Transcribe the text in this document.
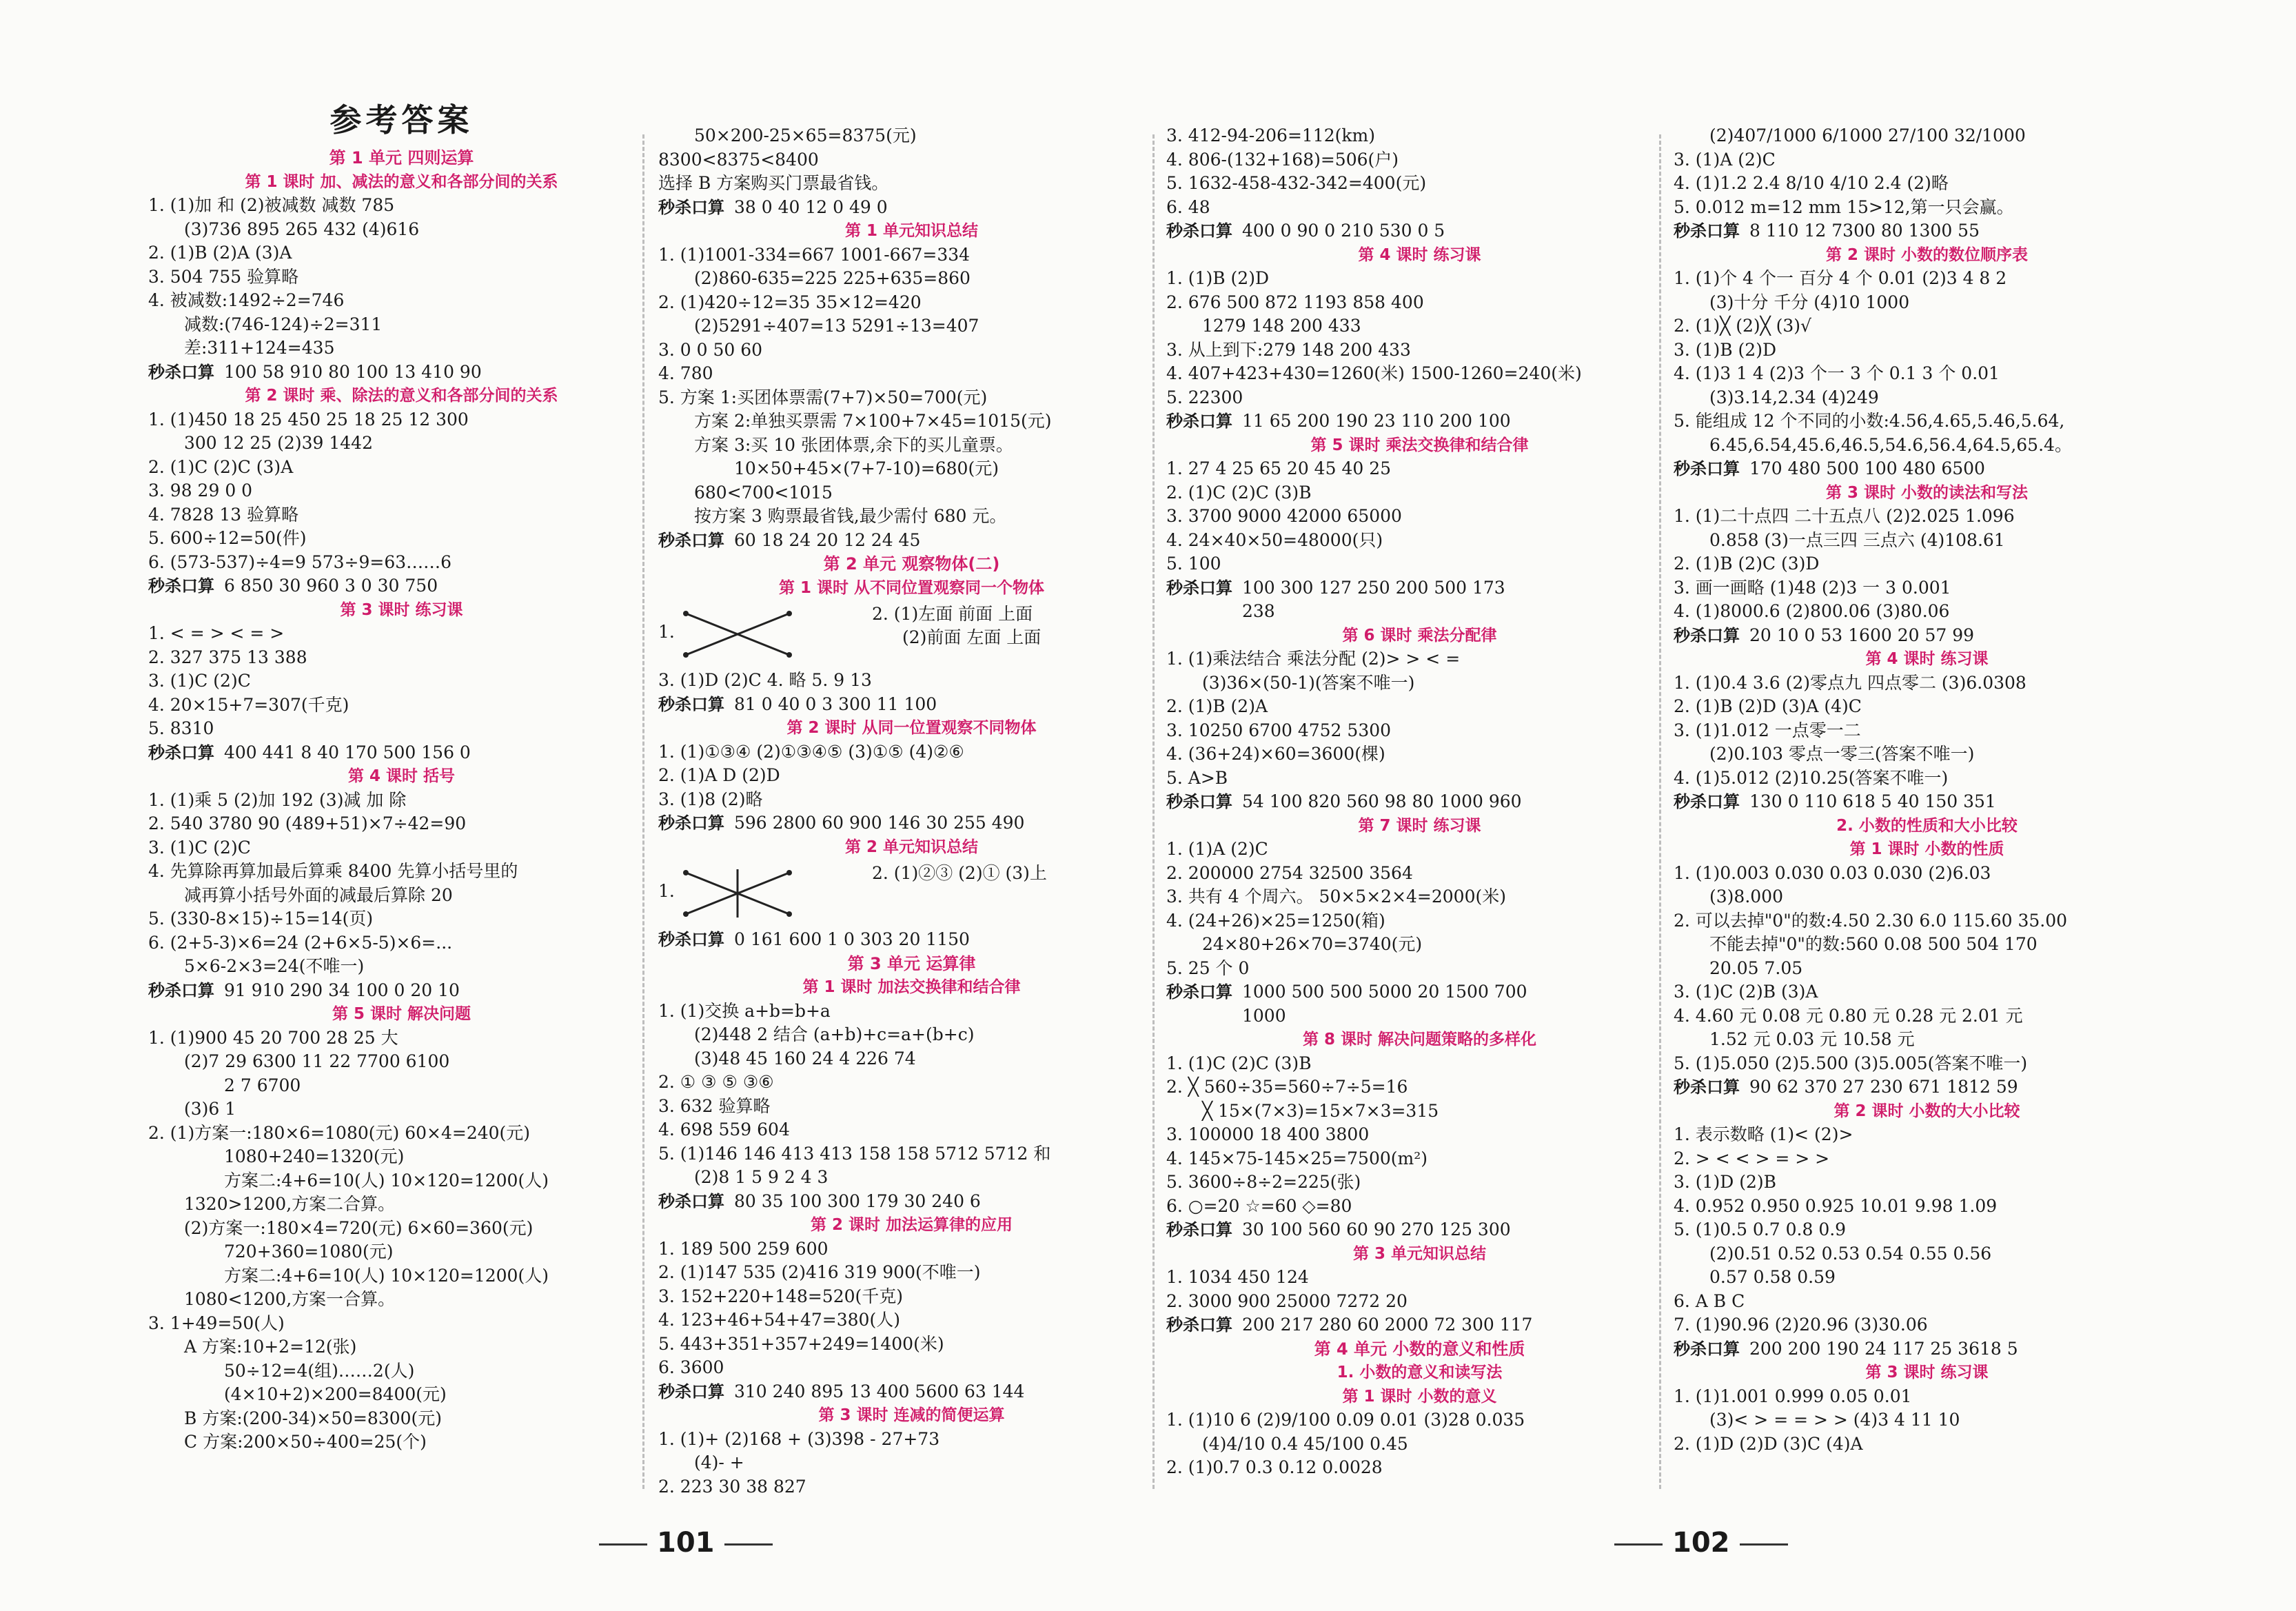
参考答案
第 1 单元 四则运算
第 1 课时 加、减法的意义和各部分间的关系
1. (1)加 和 (2)被减数 减数 785
(3)736 895 265 432 (4)616
2. (1)B (2)A (3)A
3. 504 755 验算略
4. 被减数:1492÷2=746
减数:(746-124)÷2=311
差:311+124=435
秒杀口算 100 58 910 80 100 13 410 90
第 2 课时 乘、除法的意义和各部分间的关系
1. (1)450 18 25 450 25 18 25 12 300
300 12 25 (2)39 1442
2. (1)C (2)C (3)A
3. 98 29 0 0
4. 7828 13 验算略
5. 600÷12=50(件)
6. (573-537)÷4=9 573÷9=63……6
秒杀口算 6 850 30 960 3 0 30 750
第 3 课时 练习课
1. < = > < = >
2. 327 375 13 388
3. (1)C (2)C
4. 20×15+7=307(千克)
5. 8310
秒杀口算 400 441 8 40 170 500 156 0
第 4 课时 括号
1. (1)乘 5 (2)加 192 (3)减 加 除
2. 540 3780 90 (489+51)×7÷42=90
3. (1)C (2)C
4. 先算除再算加最后算乘 8400 先算小括号里的
减再算小括号外面的减最后算除 20
5. (330-8×15)÷15=14(页)
6. (2+5-3)×6=24 (2+6×5-5)×6=...
5×6-2×3=24(不唯一)
秒杀口算 91 910 290 34 100 0 20 10
第 5 课时 解决问题
1. (1)900 45 20 700 28 25 大
(2)7 29 6300 11 22 7700 6100
2 7 6700
(3)6 1
2. (1)方案一:180×6=1080(元) 60×4=240(元)
1080+240=1320(元)
方案二:4+6=10(人) 10×120=1200(人)
1320>1200,方案二合算。
(2)方案一:180×4=720(元) 6×60=360(元)
720+360=1080(元)
方案二:4+6=10(人) 10×120=1200(人)
1080<1200,方案一合算。
3. 1+49=50(人)
A 方案:10+2=12(张)
50÷12=4(组)……2(人)
(4×10+2)×200=8400(元)
B 方案:(200-34)×50=8300(元)
C 方案:200×50÷400=25(个)
50×200-25×65=8375(元)
8300<8375<8400
选择 B 方案购买门票最省钱。
秒杀口算 38 0 40 12 0 49 0
第 1 单元知识总结
1. (1)1001-334=667 1001-667=334
(2)860-635=225 225+635=860
2. (1)420÷12=35 35×12=420
(2)5291÷407=13 5291÷13=407
3. 0 0 50 60
4. 780
5. 方案 1:买团体票需(7+7)×50=700(元)
方案 2:单独买票需 7×100+7×45=1015(元)
方案 3:买 10 张团体票,余下的买儿童票。
10×50+45×(7+7-10)=680(元)
680<700<1015
按方案 3 购票最省钱,最少需付 680 元。
秒杀口算 60 18 24 20 12 24 45
第 2 单元 观察物体(二)
第 1 课时 从不同位置观察同一个物体
1.
2. (1)左面 前面 上面
(2)前面 左面 上面
3. (1)D (2)C 4. 略 5. 9 13
秒杀口算 81 0 40 0 3 300 11 100
第 2 课时 从同一位置观察不同物体
1. (1)①③④ (2)①③④⑤ (3)①⑤ (4)②⑥
2. (1)A D (2)D
3. (1)8 (2)略
秒杀口算 596 2800 60 900 146 30 255 490
第 2 单元知识总结
1.
2. (1)②③ (2)① (3)上
秒杀口算 0 161 600 1 0 303 20 1150
第 3 单元 运算律
第 1 课时 加法交换律和结合律
1. (1)交换 a+b=b+a
(2)448 2 结合 (a+b)+c=a+(b+c)
(3)48 45 160 24 4 226 74
2. ① ③ ⑤ ③⑥
3. 632 验算略
4. 698 559 604
5. (1)146 146 413 413 158 158 5712 5712 和
(2)8 1 5 9 2 4 3
秒杀口算 80 35 100 300 179 30 240 6
第 2 课时 加法运算律的应用
1. 189 500 259 600
2. (1)147 535 (2)416 319 900(不唯一)
3. 152+220+148=520(千克)
4. 123+46+54+47=380(人)
5. 443+351+357+249=1400(米)
6. 3600
秒杀口算 310 240 895 13 400 5600 63 144
第 3 课时 连减的简便运算
1. (1)+ (2)168 + (3)398 - 27+73
(4)- +
2. 223 30 38 827
3. 412-94-206=112(km)
4. 806-(132+168)=506(户)
5. 1632-458-432-342=400(元)
6. 48
秒杀口算 400 0 90 0 210 530 0 5
第 4 课时 练习课
1. (1)B (2)D
2. 676 500 872 1193 858 400
1279 148 200 433
3. 从上到下:279 148 200 433
4. 407+423+430=1260(米) 1500-1260=240(米)
5. 22300
秒杀口算 11 65 200 190 23 110 200 100
第 5 课时 乘法交换律和结合律
1. 27 4 25 65 20 45 40 25
2. (1)C (2)C (3)B
3. 3700 9000 42000 65000
4. 24×40×50=48000(只)
5. 100
秒杀口算 100 300 127 250 200 500 173
238
第 6 课时 乘法分配律
1. (1)乘法结合 乘法分配 (2)> > < =
(3)36×(50-1)(答案不唯一)
2. (1)B (2)A
3. 10250 6700 4752 5300
4. (36+24)×60=3600(棵)
5. A>B
秒杀口算 54 100 820 560 98 80 1000 960
第 7 课时 练习课
1. (1)A (2)C
2. 200000 2754 32500 3564
3. 共有 4 个周六。 50×5×2×4=2000(米)
4. (24+26)×25=1250(箱)
24×80+26×70=3740(元)
5. 25 个 0
秒杀口算 1000 500 500 5000 20 1500 700
1000
第 8 课时 解决问题策略的多样化
1. (1)C (2)C (3)B
2. ╳ 560÷35=560÷7÷5=16
╳ 15×(7×3)=15×7×3=315
3. 100000 18 400 3800
4. 145×75-145×25=7500(m²)
5. 3600÷8÷2=225(张)
6. ○=20 ☆=60 ◇=80
秒杀口算 30 100 560 60 90 270 125 300
第 3 单元知识总结
1. 1034 450 124
2. 3000 900 25000 7272 20
秒杀口算 200 217 280 60 2000 72 300 117
第 4 单元 小数的意义和性质
1. 小数的意义和读写法
第 1 课时 小数的意义
1. (1)10 6 (2)9/100 0.09 0.01 (3)28 0.035
(4)4/10 0.4 45/100 0.45
2. (1)0.7 0.3 0.12 0.0028
(2)407/1000 6/1000 27/100 32/1000
3. (1)A (2)C
4. (1)1.2 2.4 8/10 4/10 2.4 (2)略
5. 0.012 m=12 mm 15>12,第一只会赢。
秒杀口算 8 110 12 7300 80 1300 55
第 2 课时 小数的数位顺序表
1. (1)个 4 个一 百分 4 个 0.01 (2)3 4 8 2
(3)十分 千分 (4)10 1000
2. (1)╳ (2)╳ (3)√
3. (1)B (2)D
4. (1)3 1 4 (2)3 个一 3 个 0.1 3 个 0.01
(3)3.14,2.34 (4)249
5. 能组成 12 个不同的小数:4.56,4.65,5.46,5.64,
6.45,6.54,45.6,46.5,54.6,56.4,64.5,65.4。
秒杀口算 170 480 500 100 480 6500
第 3 课时 小数的读法和写法
1. (1)二十点四 二十五点八 (2)2.025 1.096
0.858 (3)一点三四 三点六 (4)108.61
2. (1)B (2)C (3)D
3. 画一画略 (1)48 (2)3 一 3 0.001
4. (1)8000.6 (2)800.06 (3)80.06
秒杀口算 20 10 0 53 1600 20 57 99
第 4 课时 练习课
1. (1)0.4 3.6 (2)零点九 四点零二 (3)6.0308
2. (1)B (2)D (3)A (4)C
3. (1)1.012 一点零一二
(2)0.103 零点一零三(答案不唯一)
4. (1)5.012 (2)10.25(答案不唯一)
秒杀口算 130 0 110 618 5 40 150 351
2. 小数的性质和大小比较
第 1 课时 小数的性质
1. (1)0.003 0.030 0.03 0.030 (2)6.03
(3)8.000
2. 可以去掉"0"的数:4.50 2.30 6.0 115.60 35.00
不能去掉"0"的数:560 0.08 500 504 170
20.05 7.05
3. (1)C (2)B (3)A
4. 4.60 元 0.08 元 0.80 元 0.28 元 2.01 元
1.52 元 0.03 元 10.58 元
5. (1)5.050 (2)5.500 (3)5.005(答案不唯一)
秒杀口算 90 62 370 27 230 671 1812 59
第 2 课时 小数的大小比较
1. 表示数略 (1)< (2)>
2. > < < > = > >
3. (1)D (2)B
4. 0.952 0.950 0.925 10.01 9.98 1.09
5. (1)0.5 0.7 0.8 0.9
(2)0.51 0.52 0.53 0.54 0.55 0.56
0.57 0.58 0.59
6. A B C
7. (1)90.96 (2)20.96 (3)30.06
秒杀口算 200 200 190 24 117 25 3618 5
第 3 课时 练习课
1. (1)1.001 0.999 0.05 0.01
(3)< > = = > > (4)3 4 11 10
2. (1)D (2)D (3)C (4)A
101	102
